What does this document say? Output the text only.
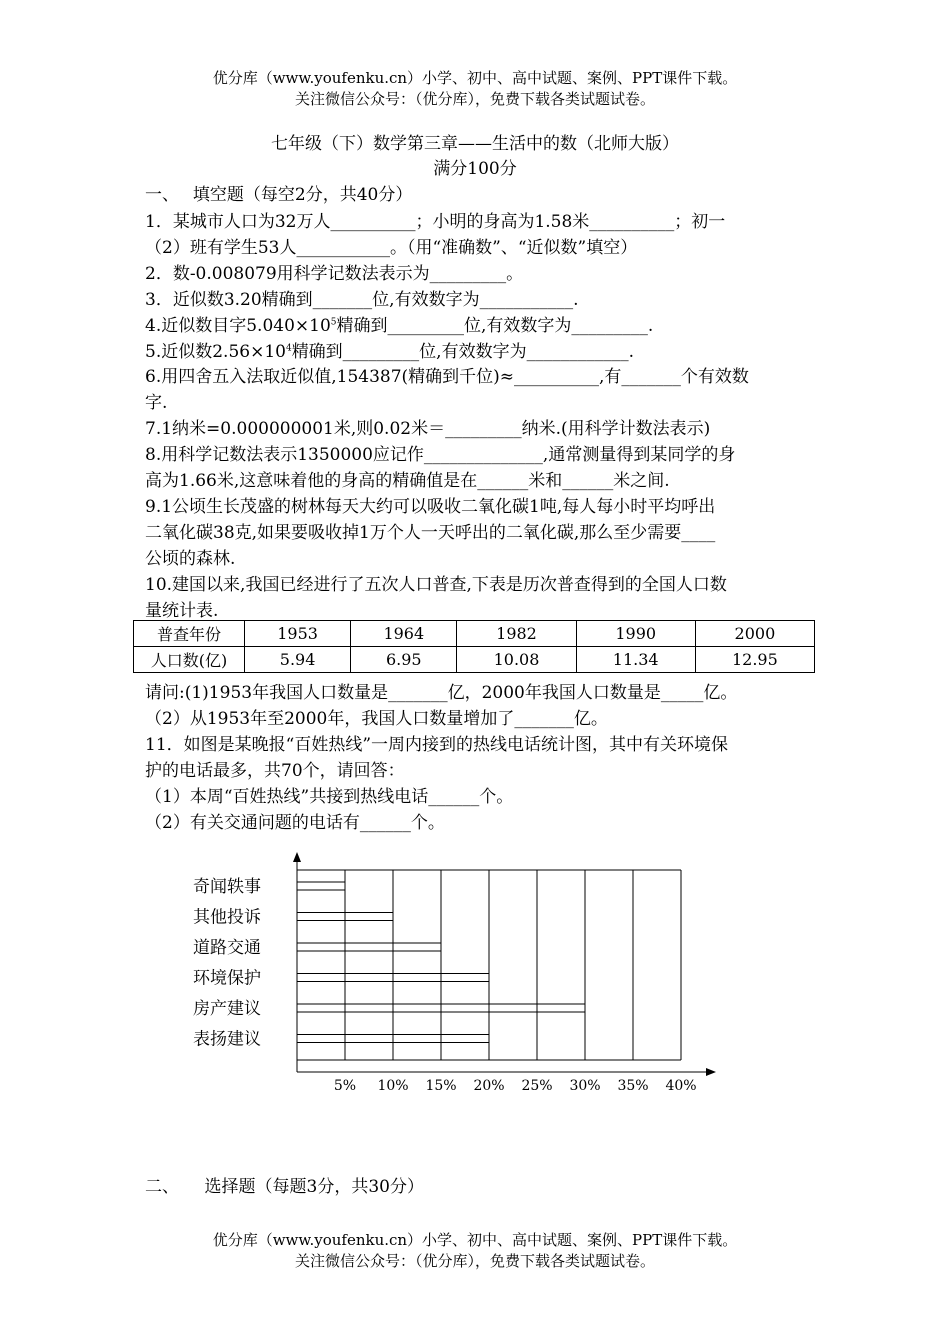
优分库（www.youfenku.cn）小学、初中、高中试题、案例、PPT课件下载。
关注微信公众号：（优分库），免费下载各类试题试卷。
七年级（下）数学第三章——生活中的数（北师大版）
满分100分
一、　 填空题（每空2分，共40分）
1．某城市人口为32万人__________；小明的身高为1.58米__________；初一
（2）班有学生53人___________。（用“准确数”、“近似数”填空）
2．数-0.008079用科学记数法表示为_________。
3．近似数3.20精确到_______位,有效数字为___________.
4.近似数目字$5.040\times 10^5$精确到_________位,有效数字为_________.
5.近似数$2.56\times 10^4$精确到_________位,有效数字为____________.
6.用四舍五入法取近似值,154387(精确到千位)≈__________,有_______个有效数
字.
7.1纳米=0.000000001米,则0.02米＝_________纳米.(用科学计数法表示)
8.用科学记数法表示1350000应记作______________,通常测量得到某同学的身
高为1.66米,这意味着他的身高的精确值是在______米和______米之间.
9.1公顷生长茂盛的树林每天大约可以吸收二氧化碳1吨,每人每小时平均呼出
二氧化碳38克,如果要吸收掉1万个人一天呼出的二氧化碳,那么至少需要____
公顷的森林.
10.建国以来,我国已经进行了五次人口普查,下表是历次普查得到的全国人口数
量统计表.
普查年份	1953	1964	1982	1990	2000
人口数(亿)	5.94	6.95	10.08	11.34	12.95
请问:(1)1953年我国人口数量是_______亿，2000年我国人口数量是_____亿。
（2）从1953年至2000年，我国人口数量增加了_______亿。
11．如图是某晚报“百姓热线”一周内接到的热线电话统计图，其中有关环境保
护的电话最多，共70个，请回答：
（1）本周“百姓热线”共接到热线电话______个。
（2）有关交通问题的电话有______个。
奇闻轶事
其他投诉
道路交通
环境保护
房产建议
表扬建议
5% 10% 15% 20% 25% 30% 35% 40%
二、　　选择题（每题3分，共30分）
优分库（www.youfenku.cn）小学、初中、高中试题、案例、PPT课件下载。
关注微信公众号：（优分库），免费下载各类试题试卷。
